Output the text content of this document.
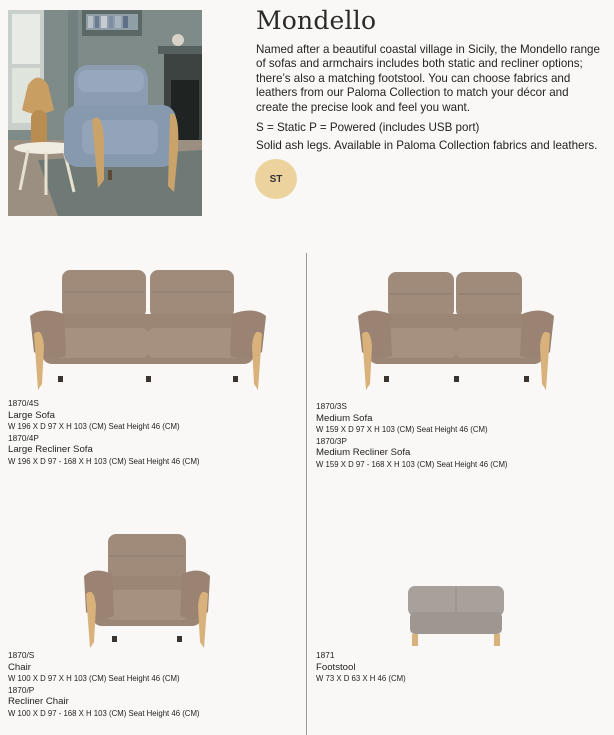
Mondello

Named after a beautiful coastal village in Sicily, the Mondello range of sofas and armchairs includes both static and recliner options; there’s also a matching footstool. You can choose fabrics and leathers from our Paloma Collection to match your décor and create the precise look and feel you want.

S = Static P = Powered (includes USB port)

Solid ash legs. Available in Paloma Collection fabrics and leathers.

ST
1870/4S
Large Sofa
W 196 X D 97 X H 103 (CM) Seat Height 46 (CM)
1870/4P
Large Recliner Sofa
W 196 X D 97 - 168 X H 103 (CM) Seat Height 46 (CM)
1870/3S
Medium Sofa
W 159 X D 97 X H 103 (CM) Seat Height 46 (CM)
1870/3P
Medium Recliner Sofa
W 159 X D 97 - 168 X H 103 (CM) Seat Height 46 (CM)
1870/S
Chair
W 100 X D 97 X H 103 (CM) Seat Height 46 (CM)
1870/P
Recliner Chair
W 100 X D 97 - 168 X H 103 (CM) Seat Height 46 (CM)
1871
Footstool
W 73 X D 63 X H 46 (CM)
